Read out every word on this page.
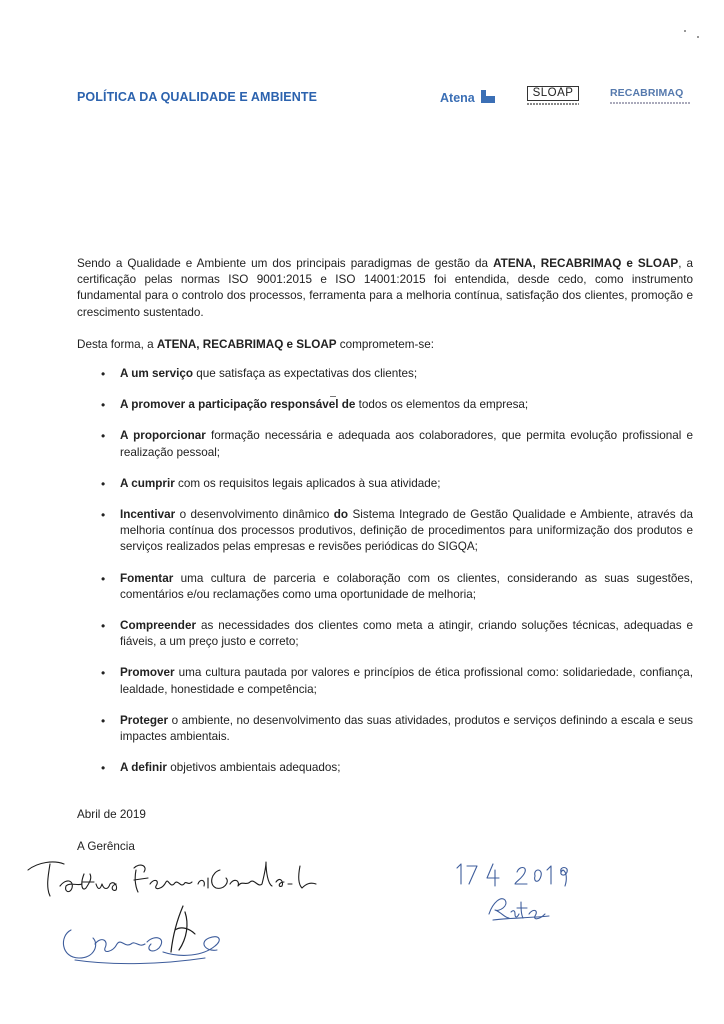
POLÍTICA DA QUALIDADE E AMBIENTE	Atena	SLOAP	RECABRIMAQ
Sendo a Qualidade e Ambiente um dos principais paradigmas de gestão da ATENA, RECABRIMAQ e SLOAP, a certificação pelas normas ISO 9001:2015 e ISO 14001:2015 foi entendida, desde cedo, como instrumento fundamental para o controlo dos processos, ferramenta para a melhoria contínua, satisfação dos clientes, promoção e crescimento sustentado.
Desta forma, a ATENA, RECABRIMAQ e SLOAP comprometem-se:
• A um serviço que satisfaça as expectativas dos clientes;
• A promover a participação responsável de todos os elementos da empresa;
• A proporcionar formação necessária e adequada aos colaboradores, que permita evolução profissional e realização pessoal;
• A cumprir com os requisitos legais aplicados à sua atividade;
• Incentivar o desenvolvimento dinâmico do Sistema Integrado de Gestão Qualidade e Ambiente, através da melhoria contínua dos processos produtivos, definição de procedimentos para uniformização dos produtos e serviços realizados pelas empresas e revisões periódicas do SIGQA;
• Fomentar uma cultura de parceria e colaboração com os clientes, considerando as suas sugestões, comentários e/ou reclamações como uma oportunidade de melhoria;
• Compreender as necessidades dos clientes como meta a atingir, criando soluções técnicas, adequadas e fiáveis, a um preço justo e correto;
• Promover uma cultura pautada por valores e princípios de ética profissional como: solidariedade, confiança, lealdade, honestidade e competência;
• Proteger o ambiente, no desenvolvimento das suas atividades, produtos e serviços definindo a escala e seus impactes ambientais.
• A definir objetivos ambientais adequados;
Abril de 2019
A Gerência
